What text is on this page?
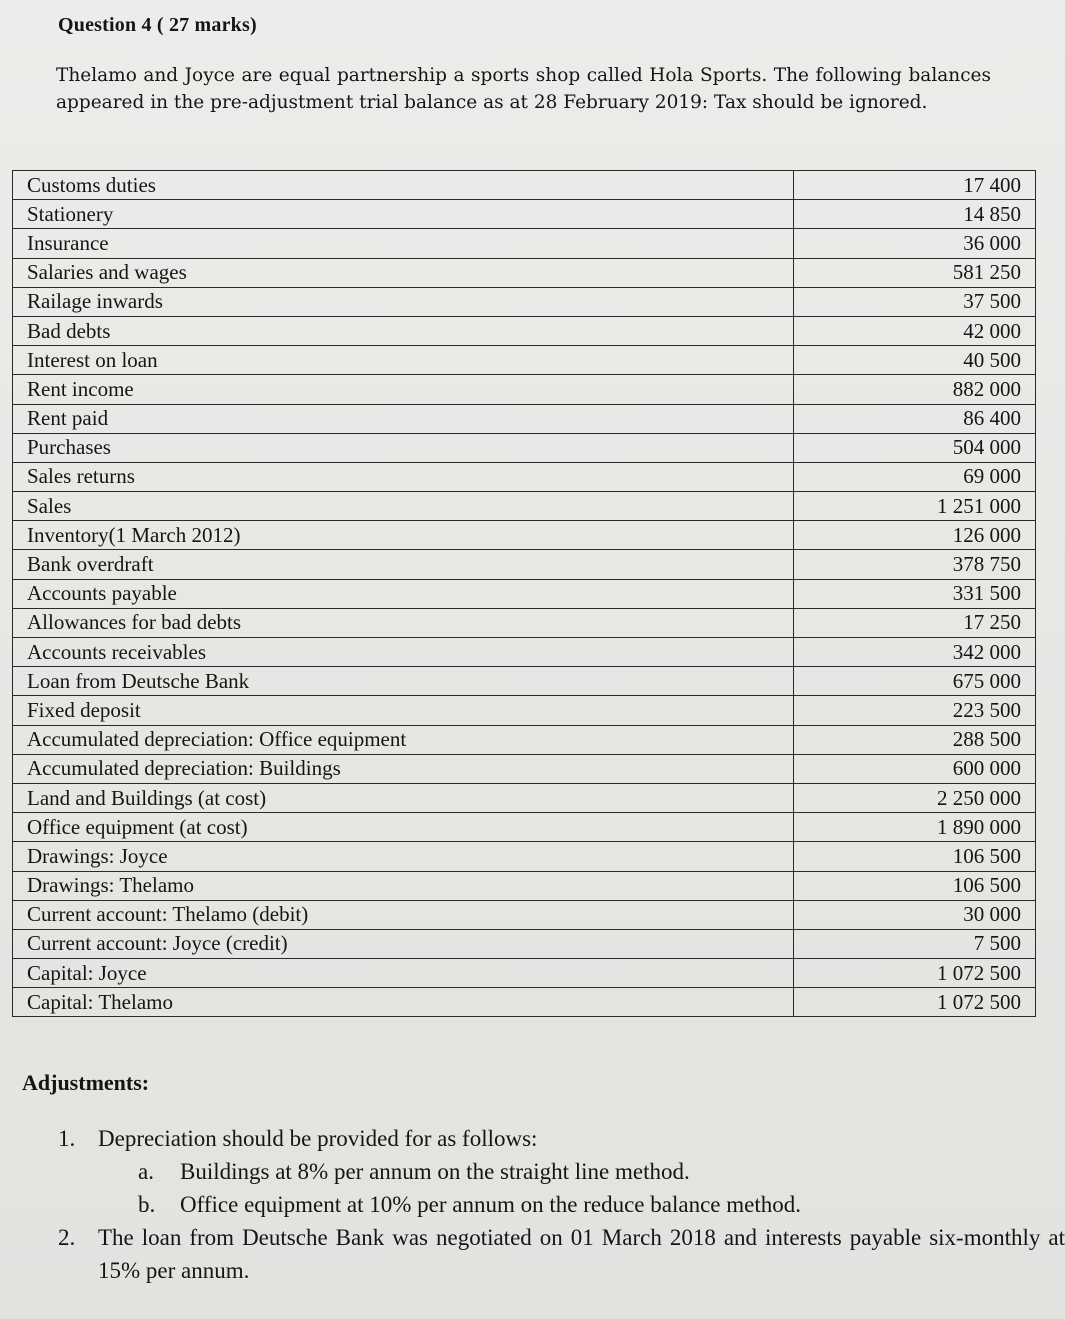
Question 4 ( 27 marks)
Thelamo and Joyce are equal partnership a sports shop called Hola Sports. The following balances appeared in the pre-adjustment trial balance as at 28 February 2019: Tax should be ignored.
Customs duties	17 400
Stationery	14 850
Insurance	36 000
Salaries and wages	581 250
Railage inwards	37 500
Bad debts	42 000
Interest on loan	40 500
Rent income	882 000
Rent paid	86 400
Purchases	504 000
Sales returns	69 000
Sales	1 251 000
Inventory(1 March 2012)	126 000
Bank overdraft	378 750
Accounts payable	331 500
Allowances for bad debts	17 250
Accounts receivables	342 000
Loan from Deutsche Bank	675 000
Fixed deposit	223 500
Accumulated depreciation: Office equipment	288 500
Accumulated depreciation: Buildings	600 000
Land and Buildings (at cost)	2 250 000
Office equipment (at cost)	1 890 000
Drawings: Joyce	106 500
Drawings: Thelamo	106 500
Current account: Thelamo (debit)	30 000
Current account: Joyce (credit)	7 500
Capital: Joyce	1 072 500
Capital: Thelamo	1 072 500
Adjustments:
1. Depreciation should be provided for as follows:
a. Buildings at 8% per annum on the straight line method.
b. Office equipment at 10% per annum on the reduce balance method.
2. The loan from Deutsche Bank was negotiated on 01 March 2018 and interests payable six-monthly at 15% per annum.
